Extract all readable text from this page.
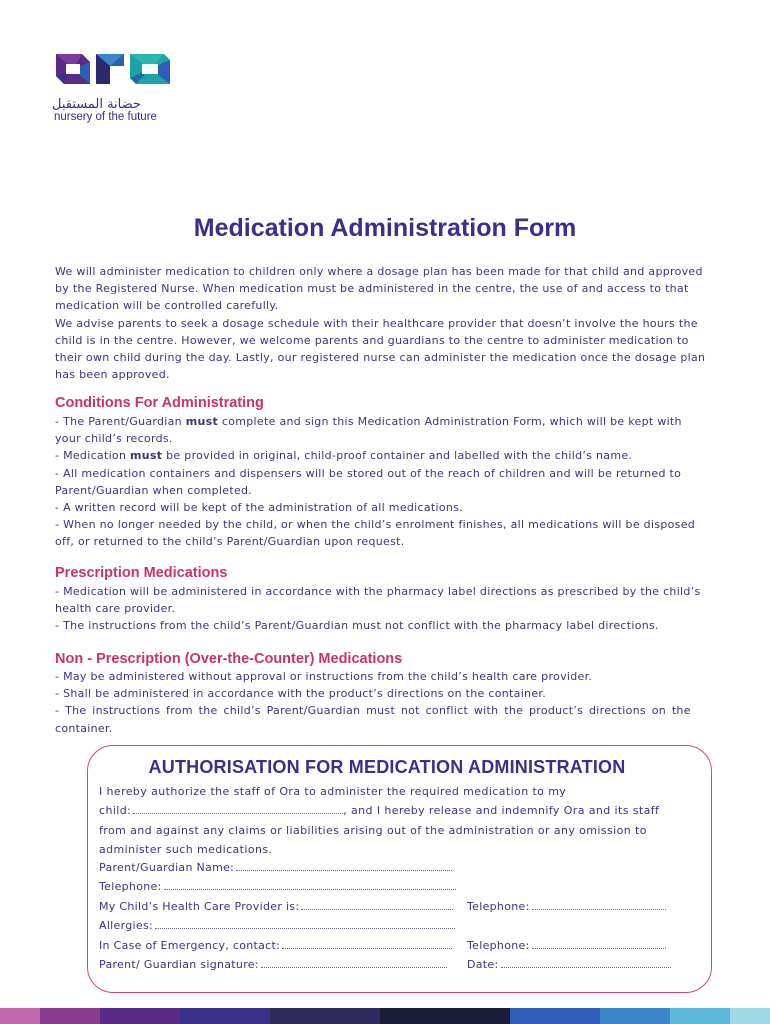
حضانة المستقبل
nursery of the future
Medication Administration Form
We will administer medication to children only where a dosage plan has been made for that child and approved
by the Registered Nurse. When medication must be administered in the centre, the use of and access to that
medication will be controlled carefully.
We advise parents to seek a dosage schedule with their healthcare provider that doesn’t involve the hours the
child is in the centre. However, we welcome parents and guardians to the centre to administer medication to
their own child during the day. Lastly, our registered nurse can administer the medication once the dosage plan
has been approved.
Conditions For Administrating
- The Parent/Guardian must complete and sign this Medication Administration Form, which will be kept with
your child’s records.
- Medication must be provided in original, child-proof container and labelled with the child’s name.
- All medication containers and dispensers will be stored out of the reach of children and will be returned to
Parent/Guardian when completed.
- A written record will be kept of the administration of all medications.
- When no longer needed by the child, or when the child’s enrolment finishes, all medications will be disposed
off, or returned to the child’s Parent/Guardian upon request.
Prescription Medications
- Medication will be administered in accordance with the pharmacy label directions as prescribed by the child’s
health care provider.
- The instructions from the child’s Parent/Guardian must not conflict with the pharmacy label directions.
Non - Prescription (Over-the-Counter) Medications
- May be administered without approval or instructions from the child’s health care provider.
- Shall be administered in accordance with the product’s directions on the container.
- The instructions from the child’s Parent/Guardian must not conflict with the product’s directions on the
container.
AUTHORISATION FOR MEDICATION ADMINISTRATION
I hereby authorize the staff of Ora to administer the required medication to my
child:	, and I hereby release and indemnify Ora and its staff
from and against any claims or liabilities arising out of the administration or any omission to
administer such medications.
Parent/Guardian Name:
Telephone:
My Child’s Health Care Provider is:	Telephone:
Allergies:
In Case of Emergency, contact:	Telephone:
Parent/ Guardian signature:	Date:
